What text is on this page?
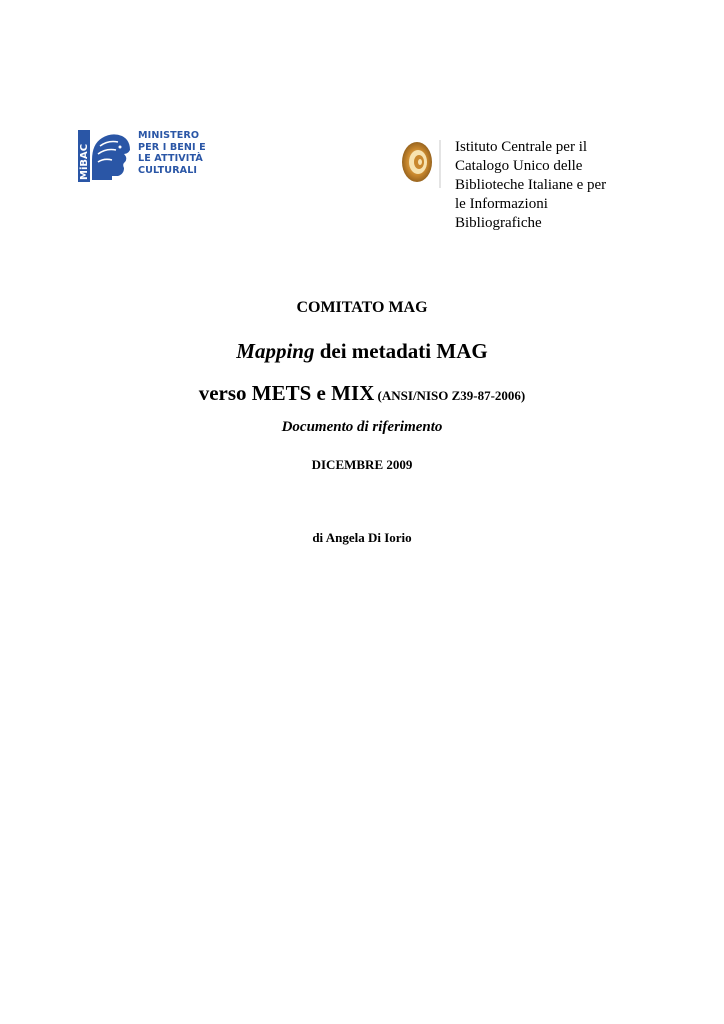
MiBAC
MINISTERO
PER I BENI E
LE ATTIVITÀ
CULTURALI
Istituto Centrale per il
Catalogo Unico delle
Biblioteche Italiane e per
le Informazioni
Bibliografiche
COMITATO MAG
Mapping dei metadati MAG
verso METS e MIX (ANSI/NISO Z39-87-2006)
Documento di riferimento
DICEMBRE 2009
di Angela Di Iorio
